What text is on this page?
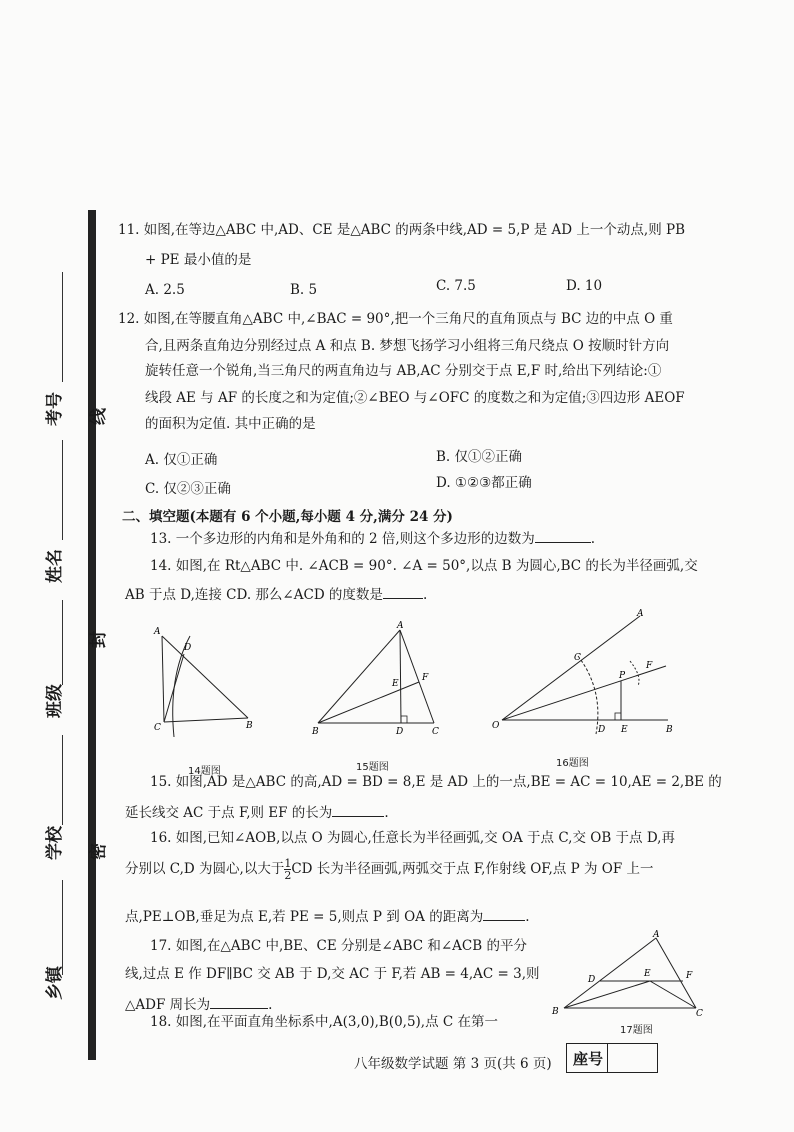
考号 线
姓名
封
班级
学校 密
乡镇
11. 如图,在等边△ABC 中,AD、CE 是△ABC 的两条中线,AD = 5,P 是 AD 上一个动点,则 PB
+ PE 最小值的是
A. 2.5	B. 5	C. 7.5	D. 10
12. 如图,在等腰直角△ABC 中,∠BAC = 90°,把一个三角尺的直角顶点与 BC 边的中点 O 重
合,且两条直角边分别经过点 A 和点 B. 梦想飞扬学习小组将三角尺绕点 O 按顺时针方向
旋转任意一个锐角,当三角尺的两直角边与 AB,AC 分别交于点 E,F 时,给出下列结论:①
线段 AE 与 AF 的长度之和为定值;②∠BEO 与∠OFC 的度数之和为定值;③四边形 AEOF
的面积为定值. 其中正确的是
A. 仅①正确	B. 仅①②正确
C. 仅②③正确	D. ①②③都正确
二、填空题(本题有 6 个小题,每小题 4 分,满分 24 分)
13. 一个多边形的内角和是外角和的 2 倍,则这个多边形的边数为	.
14. 如图,在 Rt△ABC 中. ∠ACB = 90°. ∠A = 50°,以点 B 为圆心,BC 的长为半径画弧,交
AB 于点 D,连接 CD. 那么∠ACD 的度数是	.
A
D
C	B
14题图
A
E
F
B	D	C
15题图
A
C
P
F
O	D E	B
16题图
15. 如图,AD 是△ABC 的高,AD = BD = 8,E 是 AD 上的一点,BE = AC = 10,AE = 2,BE 的
延长线交 AC 于点 F,则 EF 的长为	.
16. 如图,已知∠AOB,以点 O 为圆心,任意长为半径画弧,交 OA 于点 C,交 OB 于点 D,再
分别以 C,D 为圆心,以大于 $\frac{1}{2}$ CD 长为半径画弧,两弧交于点 F,作射线 OF,点 P 为 OF 上一
点,PE⊥OB,垂足为点 E,若 PE = 5,则点 P 到 OA 的距离为	.
17. 如图,在△ABC 中,BE、CE 分别是∠ABC 和∠ACB 的平分
线,过点 E 作 DF∥BC 交 AB 于 D,交 AC 于 F,若 AB = 4,AC = 3,则
△ADF 周长为	.
A
D
E	F
B	C
17题图
18. 如图,在平面直角坐标系中,A(3,0),B(0,5),点 C 在第一
八年级数学试题 第 3 页(共 6 页)	座号
